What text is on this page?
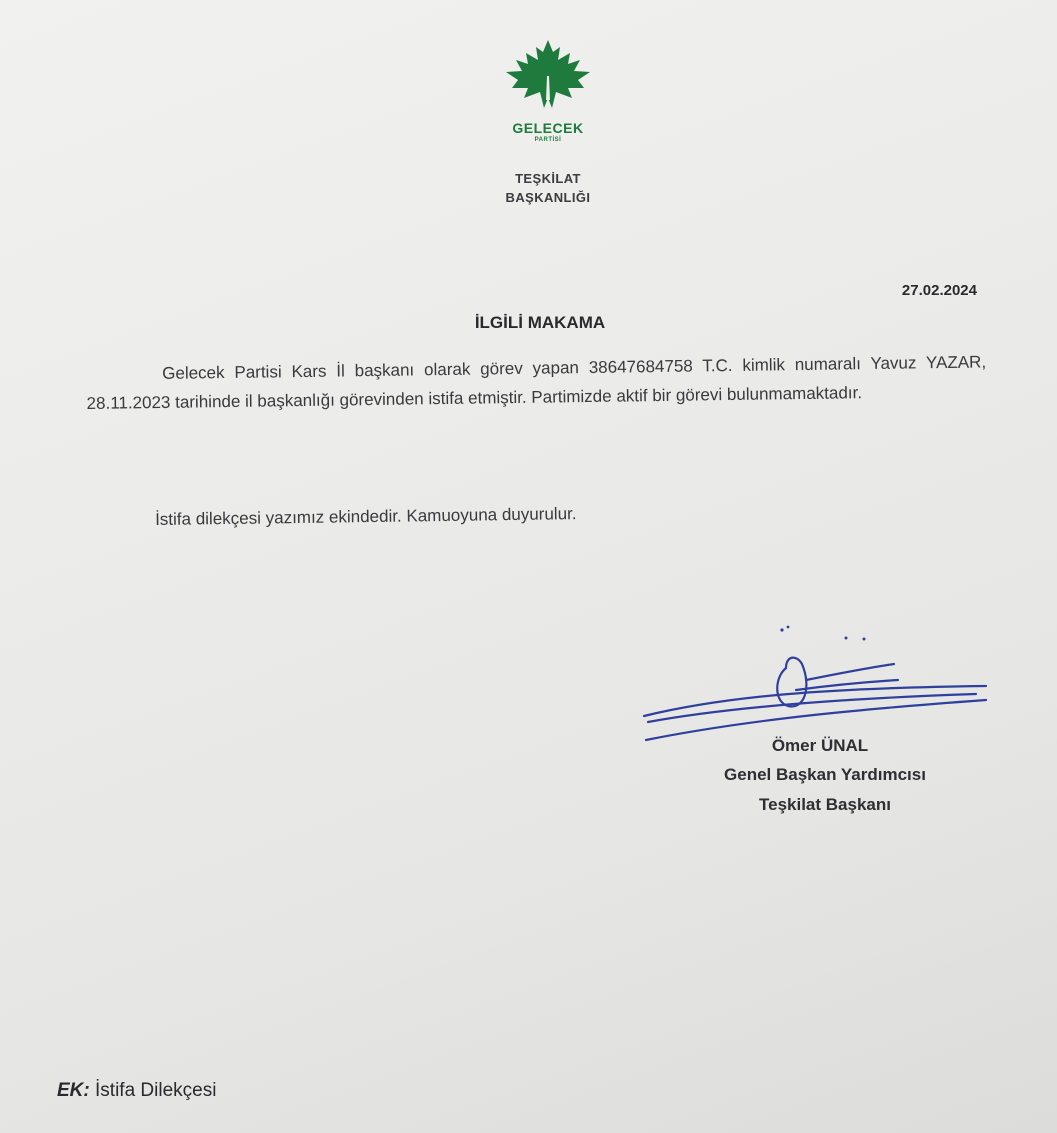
GELECEK
PARTİSİ
TEŞKİLAT
BAŞKANLIĞI
27.02.2024
İLGİLİ MAKAMA
Gelecek Partisi Kars İl başkanı olarak görev yapan 38647684758 T.C. kimlik numaralı Yavuz YAZAR, 28.11.2023 tarihinde il başkanlığı görevinden istifa etmiştir. Partimizde aktif bir görevi bulunmamaktadır.
İstifa dilekçesi yazımız ekindedir. Kamuoyuna duyurulur.
Ömer ÜNAL
Genel Başkan Yardımcısı
Teşkilat Başkanı
EK: İstifa Dilekçesi
